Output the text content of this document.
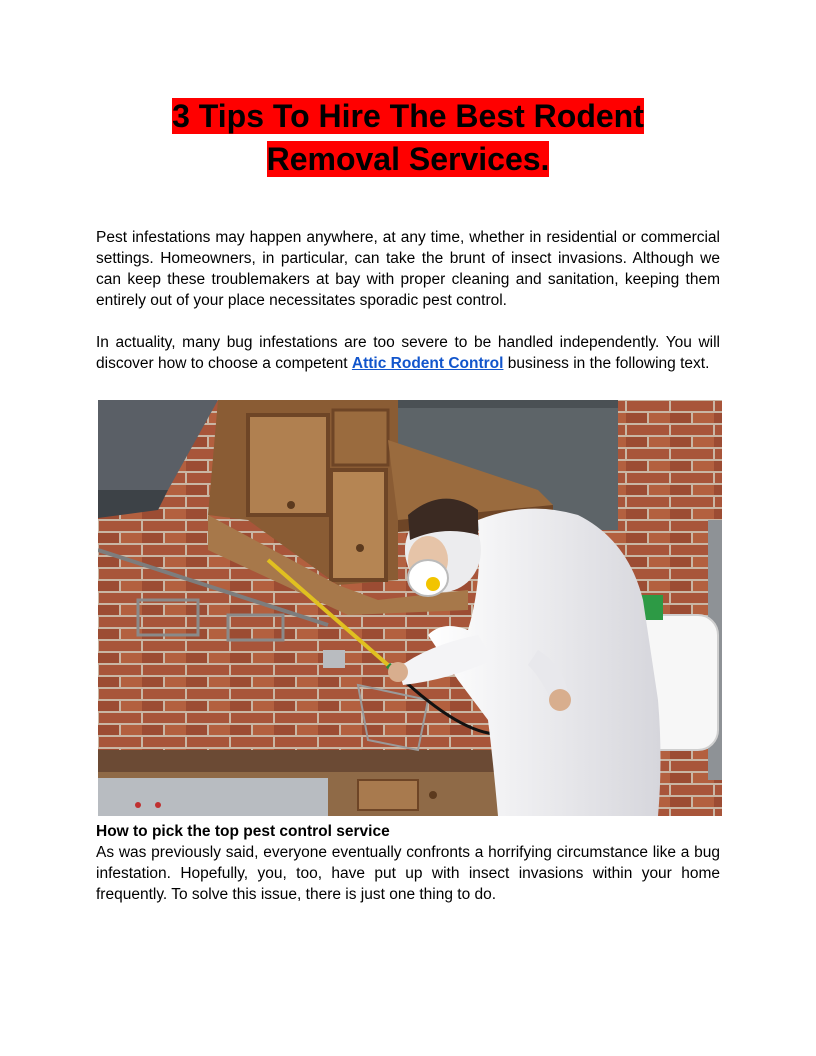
3 Tips To Hire The Best Rodent
Removal Services.

Pest infestations may happen anywhere, at any time, whether in residential or commercial settings. Homeowners, in particular, can take the brunt of insect invasions. Although we can keep these troublemakers at bay with proper cleaning and sanitation, keeping them entirely out of your place necessitates sporadic pest control.

In actuality, many bug infestations are too severe to be handled independently. You will discover how to choose a competent Attic Rodent Control business in the following text.

How to pick the top pest control service

As was previously said, everyone eventually confronts a horrifying circumstance like a bug infestation. Hopefully, you, too, have put up with insect invasions within your home frequently. To solve this issue, there is just one thing to do.
